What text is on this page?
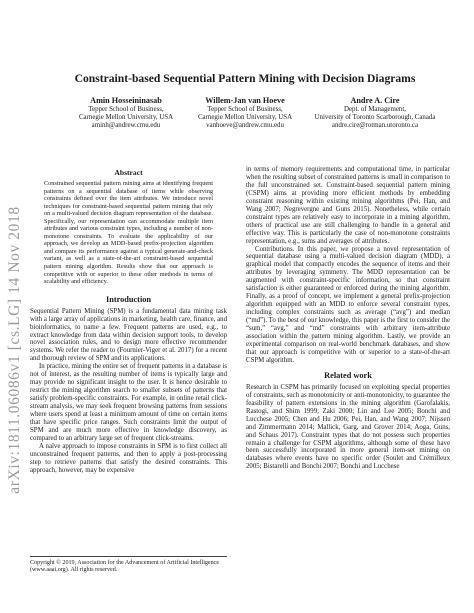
arXiv:1811.06086v1 [cs.LG] 14 Nov 2018
Constraint-based Sequential Pattern Mining with Decision Diagrams
Amin Hosseininasab
Tepper School of Business,
Carnegie Mellon University, USA
aminh@andrew.cmu.edu
Willem-Jan van Hoeve
Tepper School of Business,
Carnegie Mellon University, USA
vanhoeve@andrew.cmu.edu
Andre A. Cire
Dept. of Management,
University of Toronto Scarborough, Canada
andre.cire@rotman.utoronto.ca
Abstract
Constrained sequential pattern mining aims at identifying frequent patterns on a sequential database of items while observing constraints defined over the item attributes. We introduce novel techniques for constraint-based sequential pattern mining that rely on a multi-valued decision diagram representation of the database. Specifically, our representation can accommodate multiple item attributes and various constraint types, including a number of non-monotone constraints. To evaluate the applicability of our approach, we develop an MDD-based prefix-projection algorithm and compare its performance against a typical generate-and-check variant, as well as a state-of-the-art constraint-based sequential pattern mining algorithm. Results show that our approach is competitive with or superior to these other methods in terms of scalability and efficiency.
Introduction

Sequential Pattern Mining (SPM) is a fundamental data mining task with a large array of applications in marketing, health care, finance, and bioinformatics, to name a few. Frequent patterns are used, e.g., to extract knowledge from data within decision support tools, to develop novel association rules, and to design more effective recommender systems. We refer the reader to (Fournier-Viger et al. 2017) for a recent and thorough review of SPM and its applications.

In practice, mining the entire set of frequent patterns in a database is not of interest, as the resulting number of items is typically large and may provide no significant insight to the user. It is hence desirable to restrict the mining algorithm search to smaller subsets of patterns that satisfy problem-specific constraints. For example, in online retail click-stream analysis, we may seek frequent browsing patterns from sessions where users spend at least a minimum amount of time on certain items that have specific price ranges. Such constraints limit the output of SPM and are much more effective in knowledge discovery, as compared to an arbitrary large set of frequent click-streams.

A naïve approach to impose constraints in SPM is to first collect all unconstrained frequent patterns, and then to apply a post-processing step to retrieve patterns that satisfy the desired constraints. This approach, however, may be expensive

Copyright © 2019, Association for the Advancement of Artificial Intelligence (www.aaai.org). All rights reserved.

in terms of memory requirements and computational time, in particular when the resulting subset of constrained patterns is small in comparison to the full unconstrained set. Constraint-based sequential pattern mining (CSPM) aims at providing more efficient methods by embedding constraint reasoning within existing mining algorithms (Pei, Han, and Wang 2007; Negrevergne and Guns 2015). Nonetheless, while certain constraint types are relatively easy to incorporate in a mining algorithm, others of practical use are still challenging to handle in a general and effective way. This is particularly the case of non-monotone constraints representation, e.g., sums and averages of attributes.

Contributions. In this paper, we propose a novel representation of sequential database using a multi-valued decision diagram (MDD), a graphical model that compactly encodes the sequence of items and their attributes by leveraging symmetry. The MDD representation can be augmented with constraint-specific information, so that constraint satisfaction is either guaranteed or enforced during the mining algorithm. Finally, as a proof of concept, we implement a general prefix-projection algorithm equipped with an MDD to enforce several constraint types, including complex constraints such as average (“avg”) and median (“md”). To the best of our knowledge, this paper is the first to consider the “sum,” “avg,” and “md” constraints with arbitrary item-attribute association within the pattern mining algorithm. Lastly, we provide an experimental comparison on real-world benchmark databases, and show that our approach is competitive with or superior to a state-of-the-art CSPM algorithm.

Related work

Research in CSPM has primarily focused on exploiting special properties of constraints, such as monotonicity or anti-monotonicity, to guarantee the feasibility of pattern extensions in the mining algorithm (Garofalakis, Rastogi, and Shim 1999; Zaki 2000; Lin and Lee 2005; Bonchi and Lucchese 2005; Chen and Hu 2006; Pei, Han, and Wang 2007; Nijssen and Zimmermann 2014; Mallick, Garg, and Grover 2014; Aoga, Guns, and Schaus 2017). Constraint types that do not possess such properties remain a challenge for CSPM algorithms, although some of these have been successfully incorporated in more general item-set mining on databases where events have no specific order (Soulet and Crémilleux 2005; Bistarelli and Bonchi 2007; Bonchi and Lucchese
